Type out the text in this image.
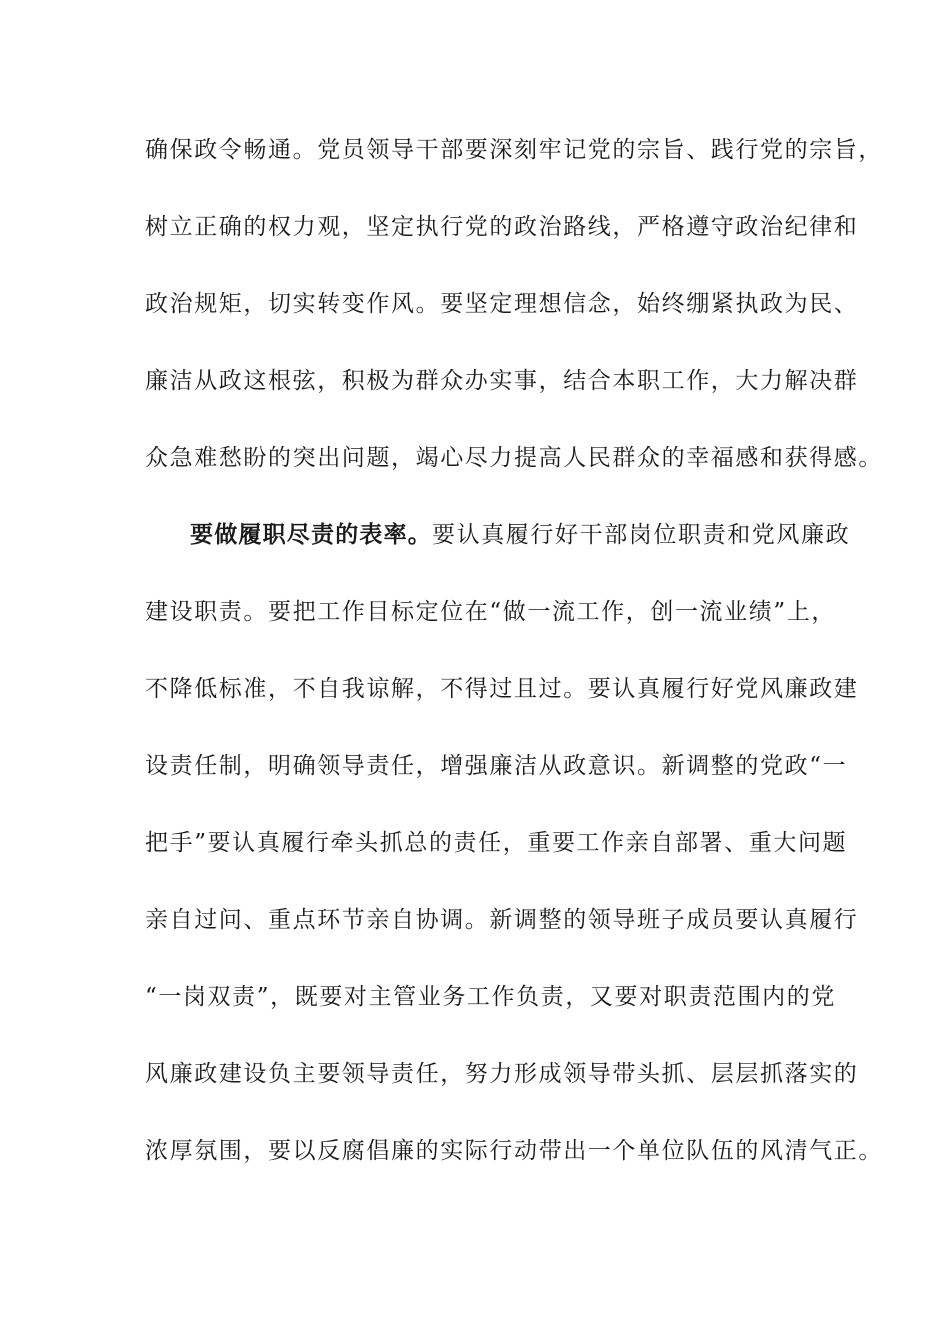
确保政令畅通。党员领导干部要深刻牢记党的宗旨、践行党的宗旨，
树立正确的权力观，坚定执行党的政治路线，严格遵守政治纪律和
政治规矩，切实转变作风。要坚定理想信念，始终绷紧执政为民、
廉洁从政这根弦，积极为群众办实事，结合本职工作，大力解决群
众急难愁盼的突出问题，竭心尽力提高人民群众的幸福感和获得感。
要做履职尽责的表率。要认真履行好干部岗位职责和党风廉政
建设职责。要把工作目标定位在“做一流工作，创一流业绩”上，
不降低标准，不自我谅解，不得过且过。要认真履行好党风廉政建
设责任制，明确领导责任，增强廉洁从政意识。新调整的党政“一
把手”要认真履行牵头抓总的责任，重要工作亲自部署、重大问题
亲自过问、重点环节亲自协调。新调整的领导班子成员要认真履行
“一岗双责”，既要对主管业务工作负责，又要对职责范围内的党
风廉政建设负主要领导责任，努力形成领导带头抓、层层抓落实的
浓厚氛围，要以反腐倡廉的实际行动带出一个单位队伍的风清气正。
